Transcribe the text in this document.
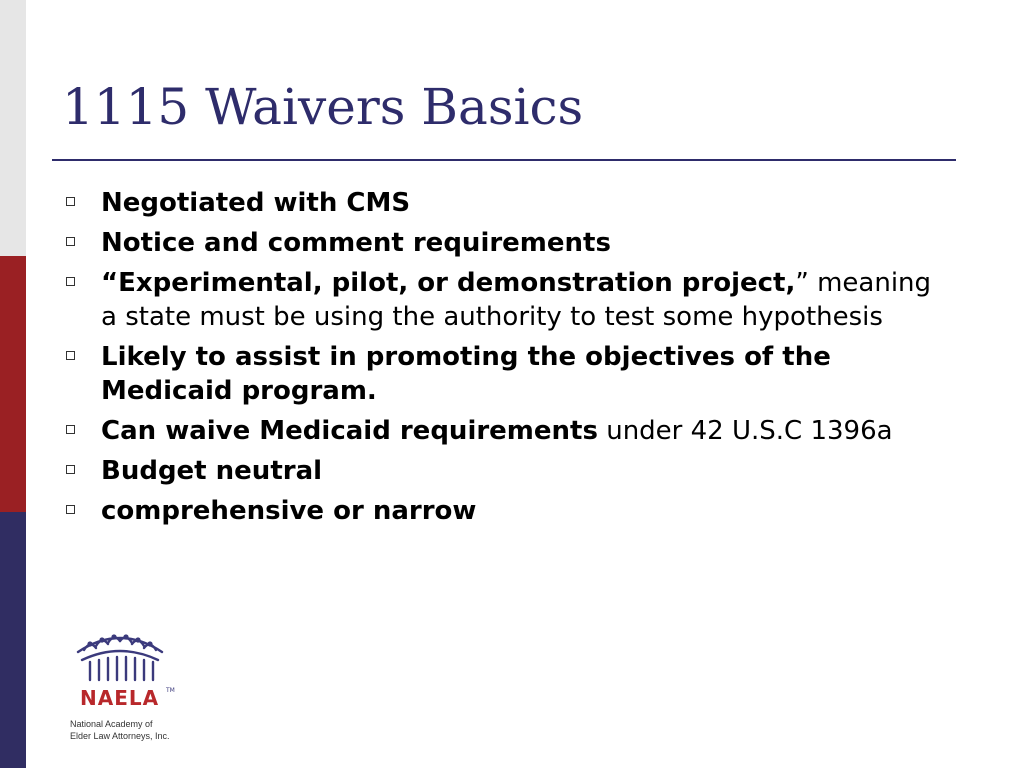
1115 Waivers Basics
Negotiated with CMS
Notice and comment requirements
“Experimental, pilot, or demonstration project,” meaning a state must be using the authority to test some hypothesis
Likely to assist in promoting the objectives of the Medicaid program.
Can waive Medicaid requirements under 42 U.S.C 1396a
Budget neutral
comprehensive or narrow
NAELA TM
National Academy of
Elder Law Attorneys, Inc.
